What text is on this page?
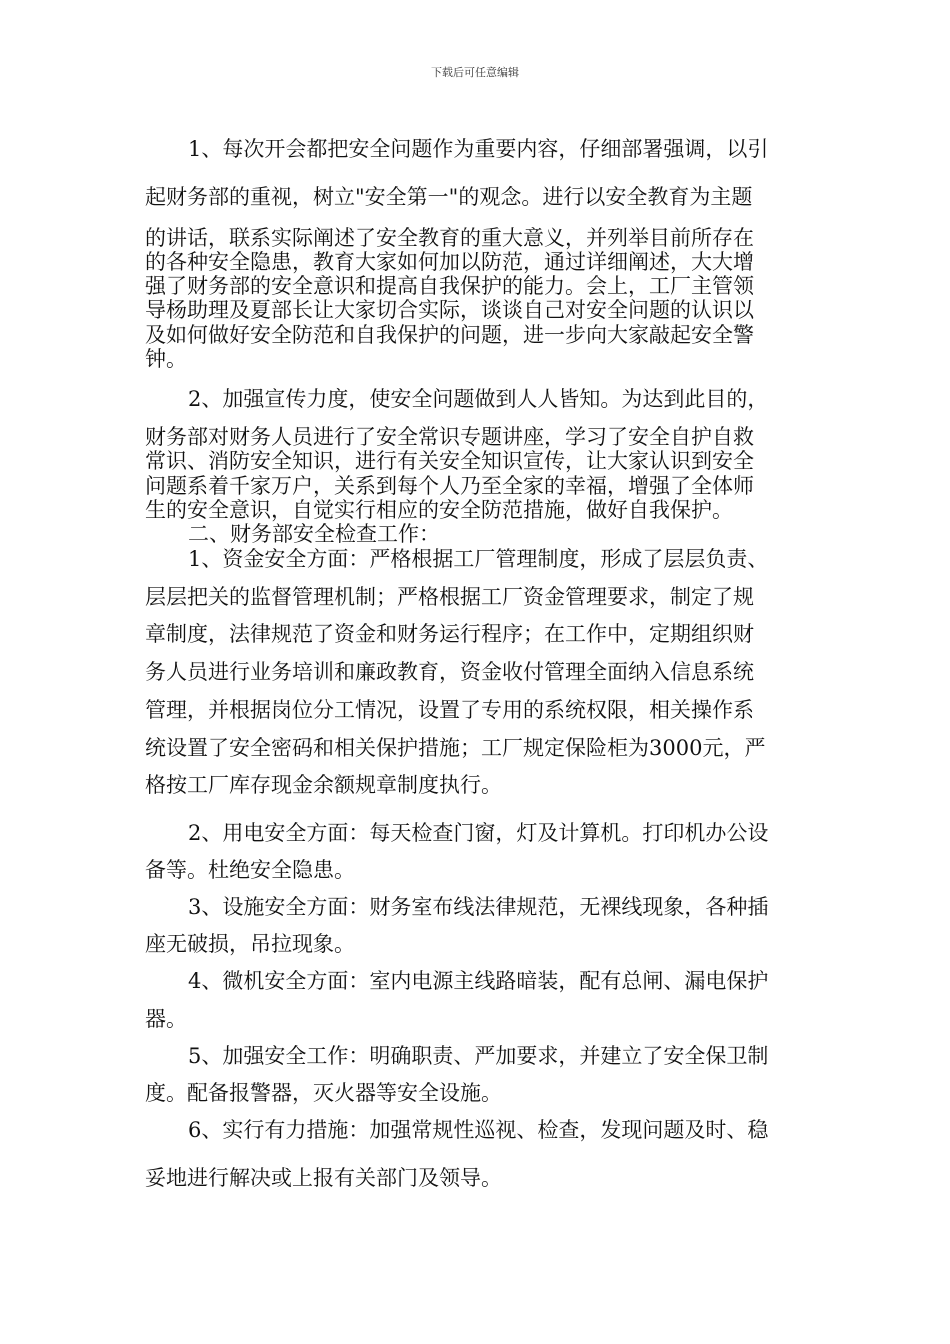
下载后可任意编辑
1、每次开会都把安全问题作为重要内容，仔细部署强调，以引
起财务部的重视，树立"安全第一"的观念。进行以安全教育为主题
的讲话，联系实际阐述了安全教育的重大意义，并列举目前所存在
的各种安全隐患，教育大家如何加以防范，通过详细阐述，大大增
强了财务部的安全意识和提高自我保护的能力。会上，工厂主管领
导杨助理及夏部长让大家切合实际，谈谈自己对安全问题的认识以
及如何做好安全防范和自我保护的问题，进一步向大家敲起安全警
钟。
2、加强宣传力度，使安全问题做到人人皆知。为达到此目的，
财务部对财务人员进行了安全常识专题讲座，学习了安全自护自救
常识、消防安全知识，进行有关安全知识宣传，让大家认识到安全
问题系着千家万户，关系到每个人乃至全家的幸福，增强了全体师
生的安全意识，自觉实行相应的安全防范措施，做好自我保护。
二、财务部安全检查工作：
1、资金安全方面：严格根据工厂管理制度，形成了层层负责、
层层把关的监督管理机制；严格根据工厂资金管理要求，制定了规
章制度，法律规范了资金和财务运行程序；在工作中，定期组织财
务人员进行业务培训和廉政教育，资金收付管理全面纳入信息系统
管理，并根据岗位分工情况，设置了专用的系统权限，相关操作系
统设置了安全密码和相关保护措施；工厂规定保险柜为3000元，严
格按工厂库存现金余额规章制度执行。
2、用电安全方面：每天检查门窗，灯及计算机。打印机办公设
备等。杜绝安全隐患。
3、设施安全方面：财务室布线法律规范，无裸线现象，各种插
座无破损，吊拉现象。
4、微机安全方面：室内电源主线路暗装，配有总闸、漏电保护
器。
5、加强安全工作：明确职责、严加要求，并建立了安全保卫制
度。配备报警器，灭火器等安全设施。
6、实行有力措施：加强常规性巡视、检查，发现问题及时、稳
妥地进行解决或上报有关部门及领导。
